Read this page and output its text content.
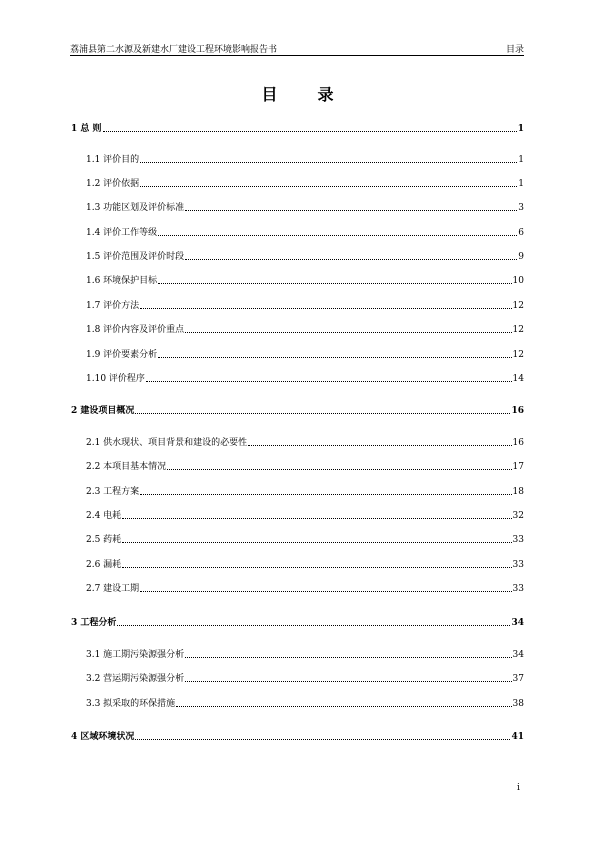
荔浦县第二水源及新建水厂建设工程环境影响报告书	目录
目	录
1 总 则	1
1.1 评价目的	1
1.2 评价依据	1
1.3 功能区划及评价标准	3
1.4 评价工作等级	6
1.5 评价范围及评价时段	9
1.6 环境保护目标	10
1.7 评价方法	12
1.8 评价内容及评价重点	12
1.9 评价要素分析	12
1.10 评价程序	14
2 建设项目概况	16
2.1 供水现状、项目背景和建设的必要性	16
2.2 本项目基本情况	17
2.3 工程方案	18
2.4 电耗	32
2.5 药耗	33
2.6 漏耗	33
2.7 建设工期	33
3 工程分析	34
3.1 施工期污染源强分析	34
3.2 营运期污染源强分析	37
3.3 拟采取的环保措施	38
4 区域环境状况	41
i
